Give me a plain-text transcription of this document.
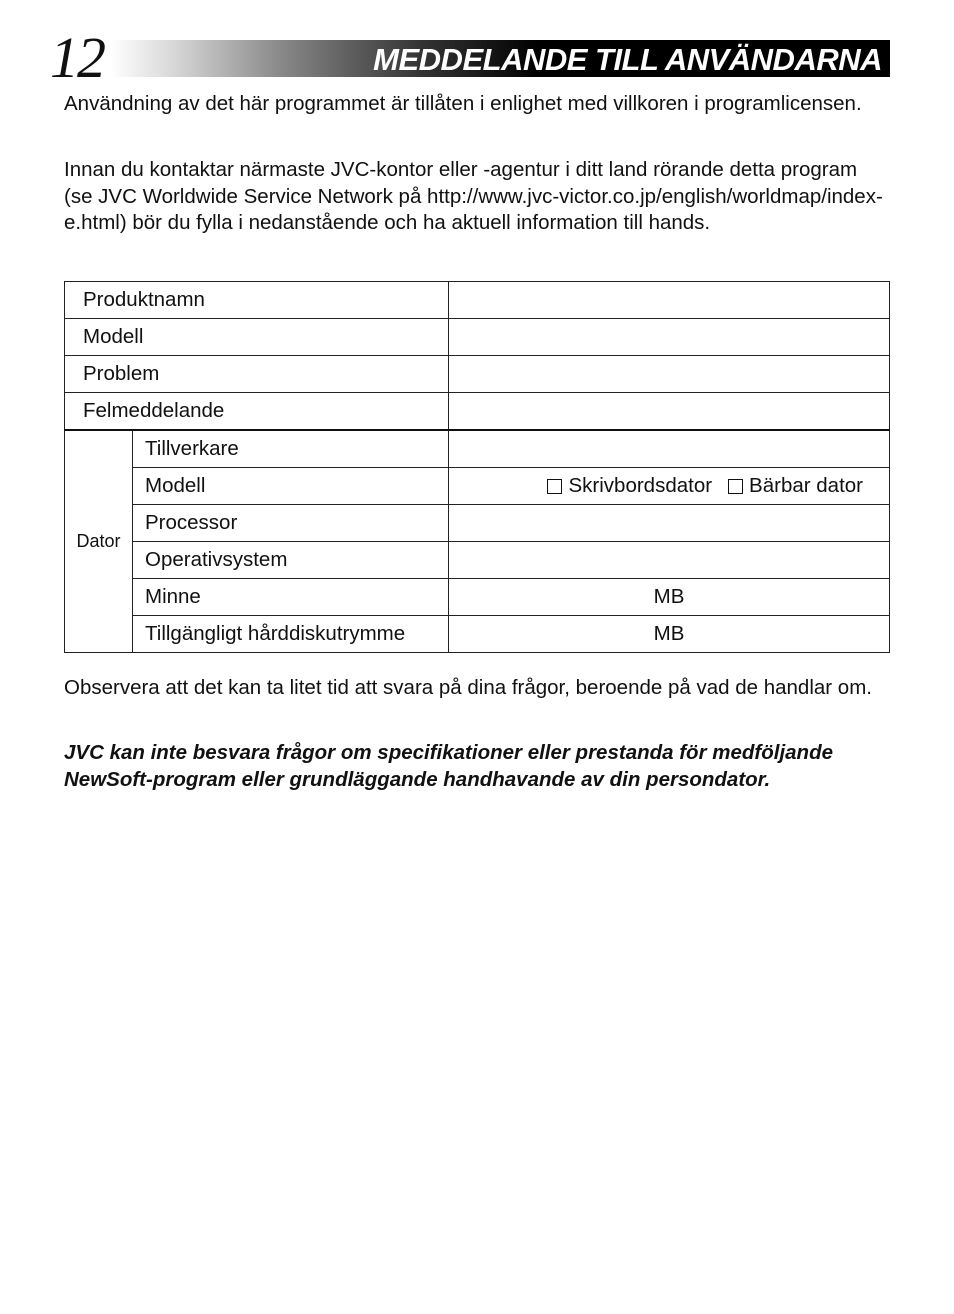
12	MEDDELANDE TILL ANVÄNDARNA

Användning av det här programmet är tillåten i enlighet med villkoren i programlicensen.

Innan du kontaktar närmaste JVC-kontor eller -agentur i ditt land rörande detta program (se JVC Worldwide Service Network på http://www.jvc-victor.co.jp/english/worldmap/index-e.html) bör du fylla i nedanstående och ha aktuell information till hands.

Produktnamn		
Modell		
Problem		
Felmeddelande		
Dator	Tillverkare	
	Modell	Skrivbordsdator Bärbar dator

	Processor	
	Operativsystem	
	Minne	MB
	Tillgängligt hårddiskutrymme	MB

Observera att det kan ta litet tid att svara på dina frågor, beroende på vad de handlar om.

JVC kan inte besvara frågor om specifikationer eller prestanda för medföljande NewSoft-program eller grundläggande handhavande av din persondator.
